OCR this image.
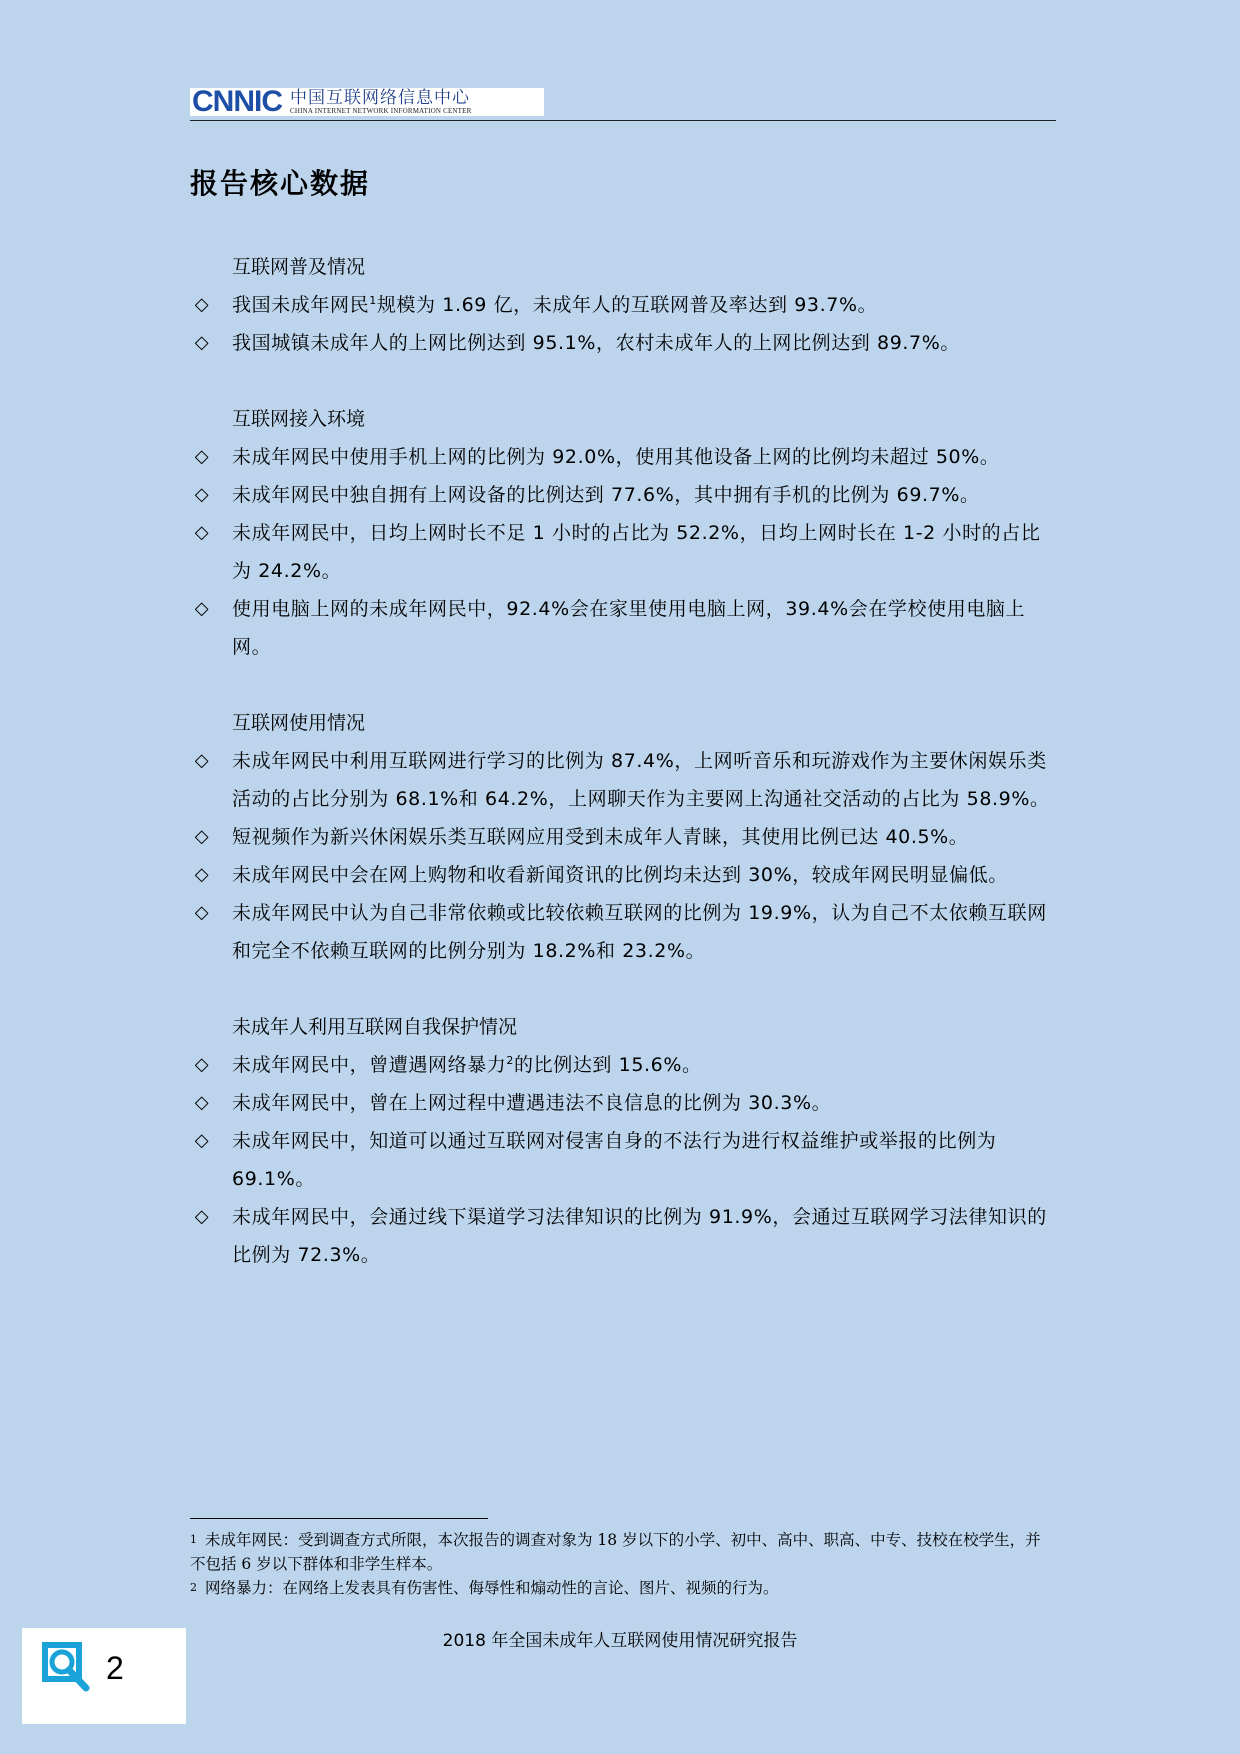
CNNIC 中国互联网络信息中心
CHINA INTERNET NETWORK INFORMATION CENTER
报告核心数据
互联网普及情况
◇ 我国未成年网民$^1$规模为 1.69 亿，未成年人的互联网普及率达到 93.7%。
◇ 我国城镇未成年人的上网比例达到 95.1%，农村未成年人的上网比例达到 89.7%。
互联网接入环境
◇ 未成年网民中使用手机上网的比例为 92.0%，使用其他设备上网的比例均未超过 50%。
◇ 未成年网民中独自拥有上网设备的比例达到 77.6%，其中拥有手机的比例为 69.7%。
◇ 未成年网民中，日均上网时长不足 1 小时的占比为 52.2%，日均上网时长在 1-2 小时的占比为 24.2%。
◇ 使用电脑上网的未成年网民中，92.4%会在家里使用电脑上网，39.4%会在学校使用电脑上网。
互联网使用情况
◇ 未成年网民中利用互联网进行学习的比例为 87.4%，上网听音乐和玩游戏作为主要休闲娱乐类活动的占比分别为 68.1%和 64.2%，上网聊天作为主要网上沟通社交活动的占比为 58.9%。
◇ 短视频作为新兴休闲娱乐类互联网应用受到未成年人青睐，其使用比例已达 40.5%。
◇ 未成年网民中会在网上购物和收看新闻资讯的比例均未达到 30%，较成年网民明显偏低。
◇ 未成年网民中认为自己非常依赖或比较依赖互联网的比例为 19.9%，认为自己不太依赖互联网和完全不依赖互联网的比例分别为 18.2%和 23.2%。
未成年人利用互联网自我保护情况
◇ 未成年网民中，曾遭遇网络暴力$^2$的比例达到 15.6%。
◇ 未成年网民中，曾在上网过程中遭遇违法不良信息的比例为 30.3%。
◇ 未成年网民中，知道可以通过互联网对侵害自身的不法行为进行权益维护或举报的比例为 69.1%。
◇ 未成年网民中，会通过线下渠道学习法律知识的比例为 91.9%，会通过互联网学习法律知识的比例为 72.3%。
$^1$ 未成年网民：受到调查方式所限，本次报告的调查对象为 18 岁以下的小学、初中、高中、职高、中专、技校在校学生，并不包括 6 岁以下群体和非学生样本。
$^2$ 网络暴力：在网络上发表具有伤害性、侮辱性和煽动性的言论、图片、视频的行为。
2018 年全国未成年人互联网使用情况研究报告
2
